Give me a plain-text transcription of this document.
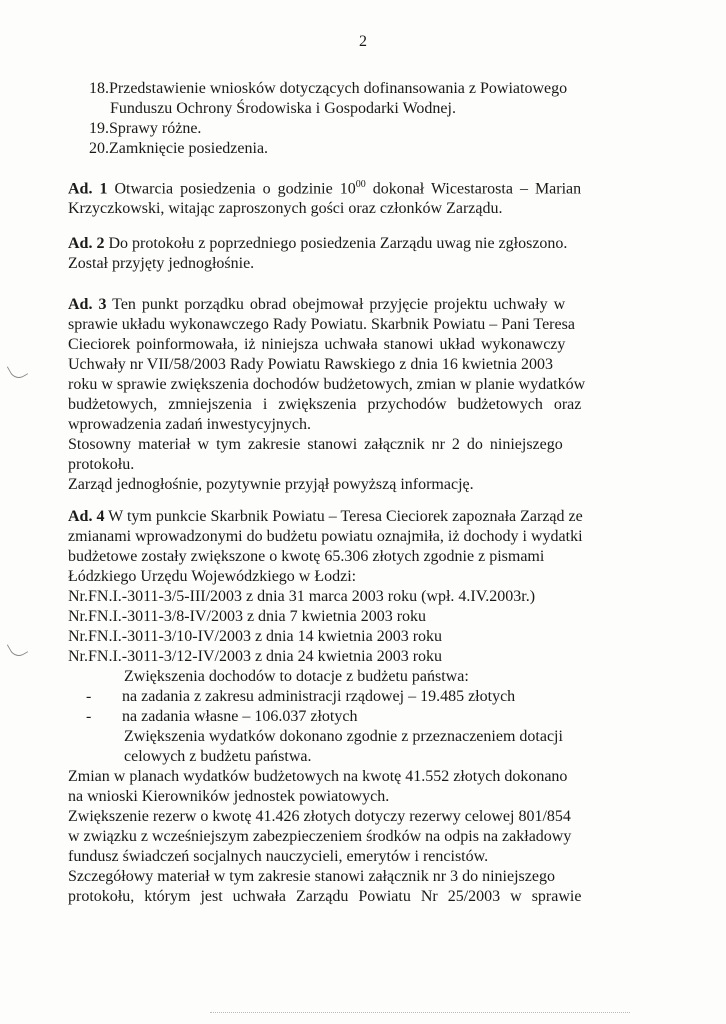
2
18.Przedstawienie wniosków dotyczących dofinansowania z Powiatowego
Funduszu Ochrony Środowiska i Gospodarki Wodnej.
19.Sprawy różne.
20.Zamknięcie posiedzenia.
Ad. 1 Otwarcia posiedzenia o godzinie $10^{00}$ dokonał Wicestarosta – Marian
Krzyczkowski, witając zaproszonych gości oraz członków Zarządu.
Ad. 2 Do protokołu z poprzedniego posiedzenia Zarządu uwag nie zgłoszono.
Został przyjęty jednogłośnie.
Ad. 3 Ten punkt porządku obrad obejmował przyjęcie projektu uchwały w
sprawie układu wykonawczego Rady Powiatu. Skarbnik Powiatu – Pani Teresa
Cieciorek poinformowała, iż niniejsza uchwała stanowi układ wykonawczy
Uchwały nr VII/58/2003 Rady Powiatu Rawskiego z dnia 16 kwietnia 2003
roku w sprawie zwiększenia dochodów budżetowych, zmian w planie wydatków
budżetowych, zmniejszenia i zwiększenia przychodów budżetowych oraz
wprowadzenia zadań inwestycyjnych.
Stosowny materiał w tym zakresie stanowi załącznik nr 2 do niniejszego
protokołu.
Zarząd jednogłośnie, pozytywnie przyjął powyższą informację.
Ad. 4 W tym punkcie Skarbnik Powiatu – Teresa Cieciorek zapoznała Zarząd ze
zmianami wprowadzonymi do budżetu powiatu oznajmiła, iż dochody i wydatki
budżetowe zostały zwiększone o kwotę 65.306 złotych zgodnie z pismami
Łódzkiego Urzędu Wojewódzkiego w Łodzi:
Nr.FN.I.-3011-3/5-III/2003 z dnia 31 marca 2003 roku (wpł. 4.IV.2003r.)
Nr.FN.I.-3011-3/8-IV/2003 z dnia 7 kwietnia 2003 roku
Nr.FN.I.-3011-3/10-IV/2003 z dnia 14 kwietnia 2003 roku
Nr.FN.I.-3011-3/12-IV/2003 z dnia 24 kwietnia 2003 roku
Zwiększenia dochodów to dotacje z budżetu państwa:
- na zadania z zakresu administracji rządowej – 19.485 złotych
- na zadania własne – 106.037 złotych
Zwiększenia wydatków dokonano zgodnie z przeznaczeniem dotacji
celowych z budżetu państwa.
Zmian w planach wydatków budżetowych na kwotę 41.552 złotych dokonano
na wnioski Kierowników jednostek powiatowych.
Zwiększenie rezerw o kwotę 41.426 złotych dotyczy rezerwy celowej 801/854
w związku z wcześniejszym zabezpieczeniem środków na odpis na zakładowy
fundusz świadczeń socjalnych nauczycieli, emerytów i rencistów.
Szczegółowy materiał w tym zakresie stanowi załącznik nr 3 do niniejszego
protokołu, którym jest uchwała Zarządu Powiatu Nr 25/2003 w sprawie
